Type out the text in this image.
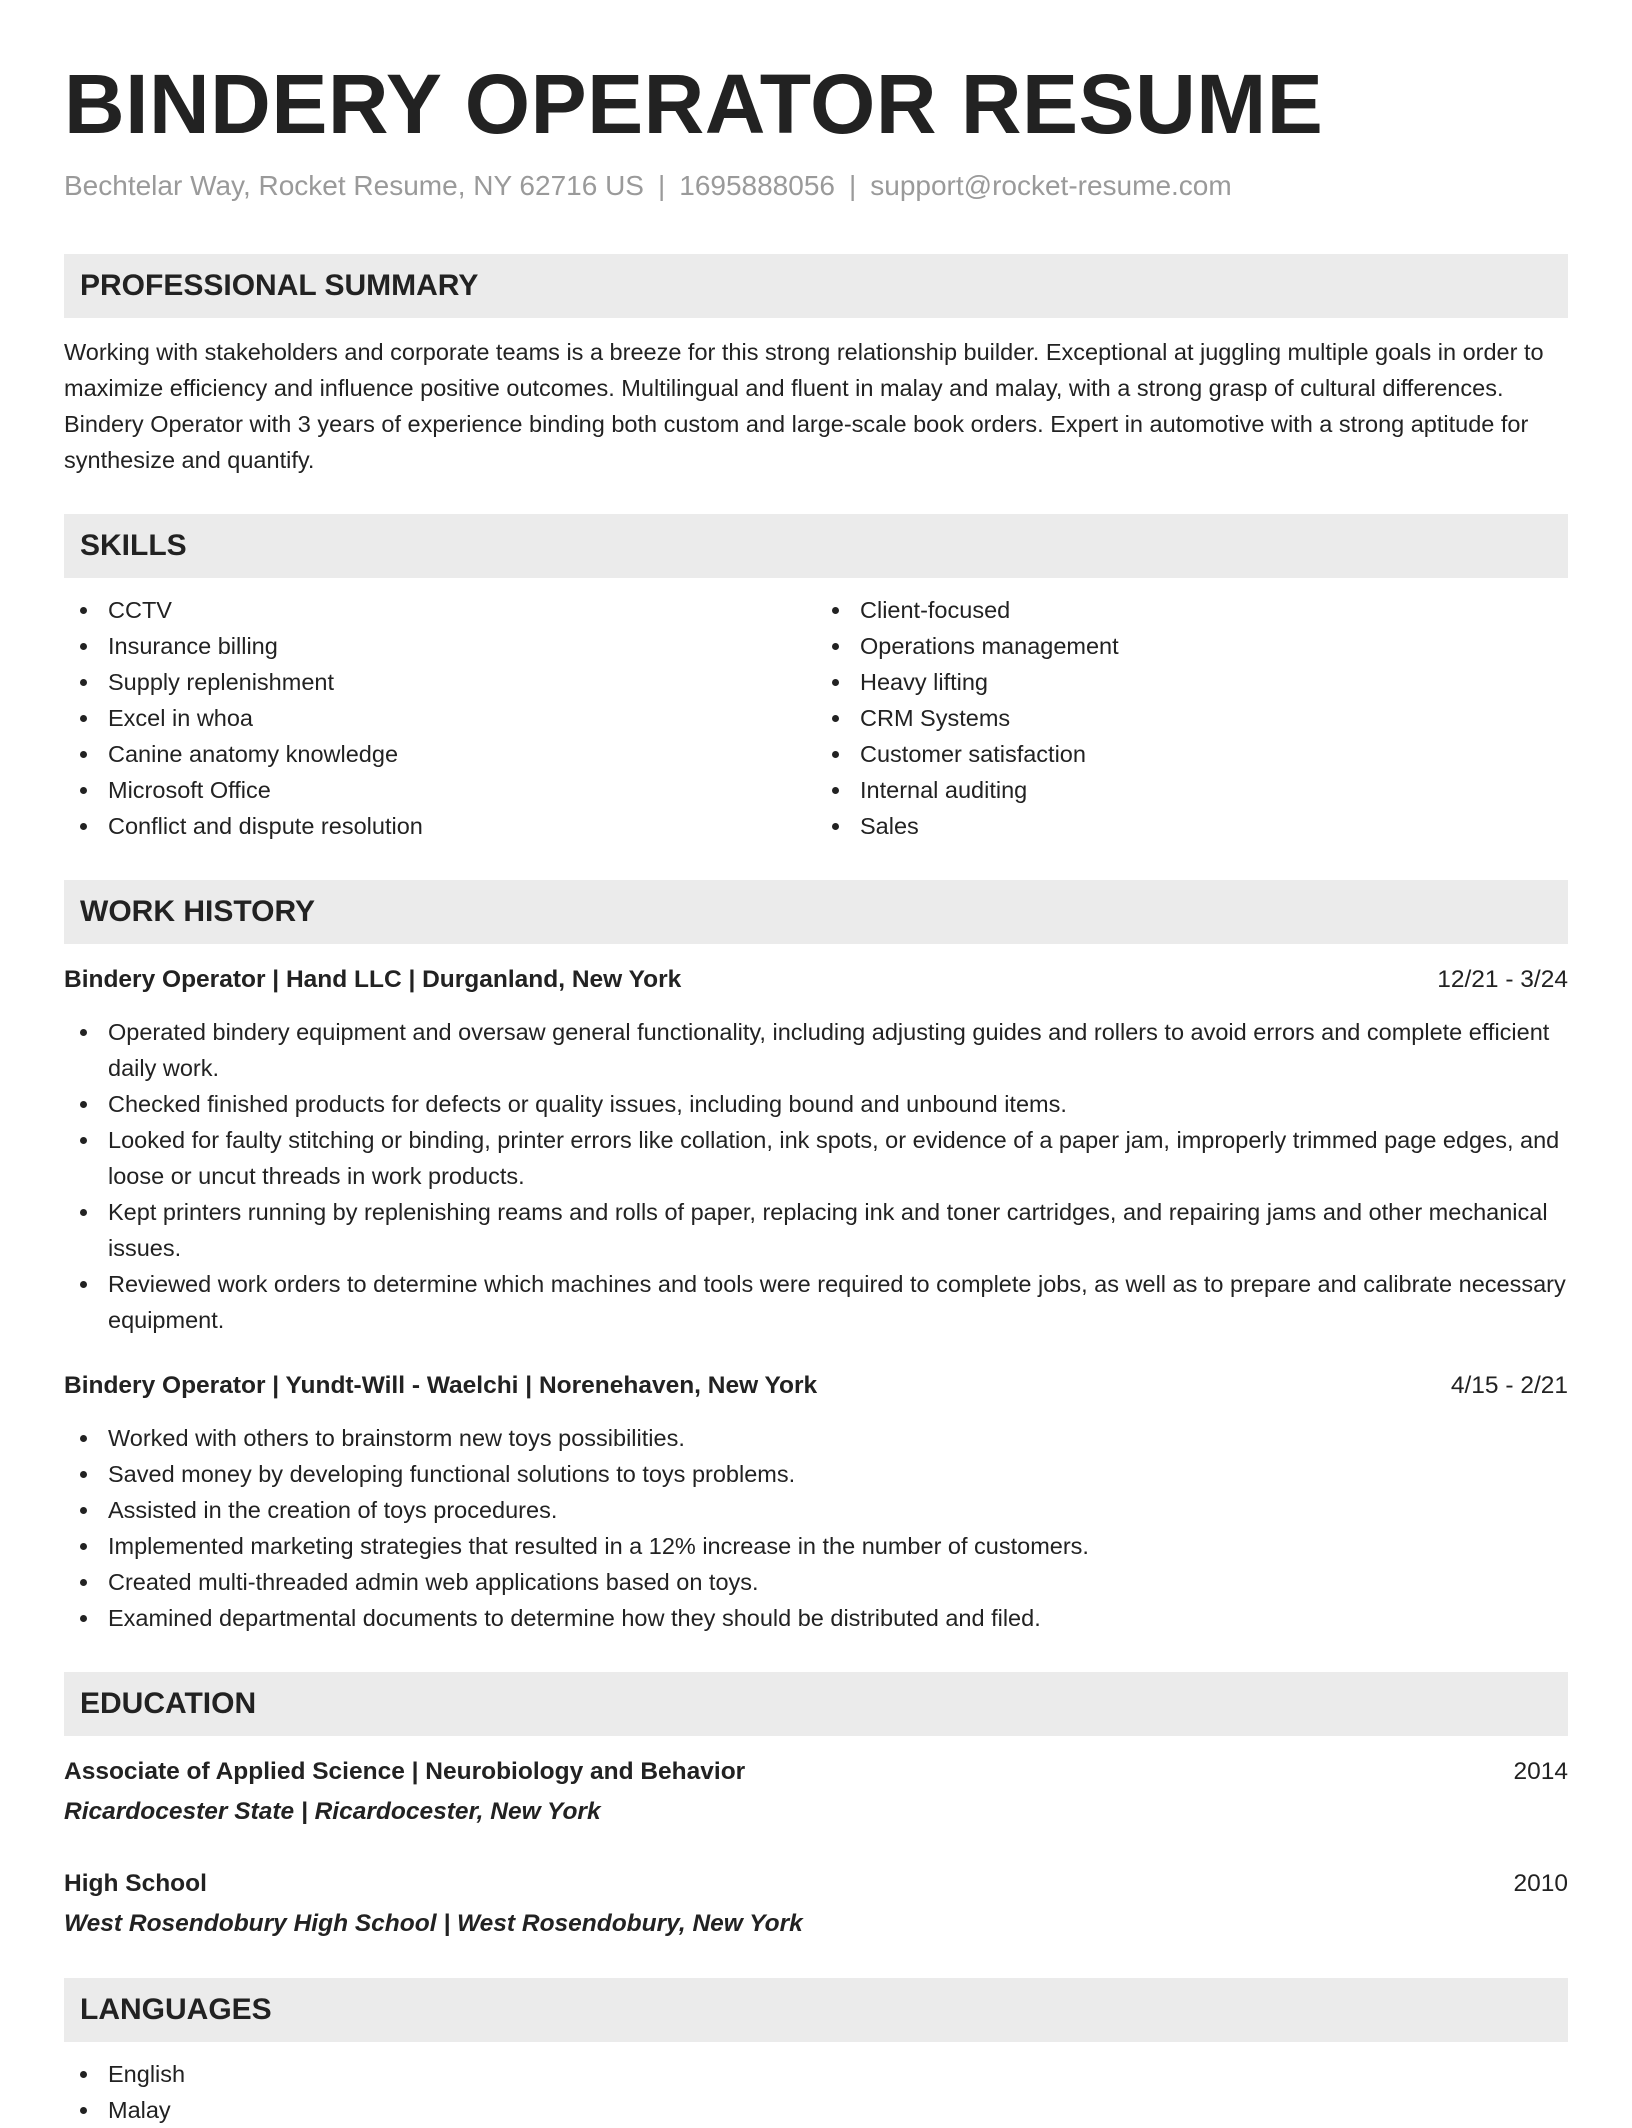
BINDERY OPERATOR RESUME
Bechtelar Way, Rocket Resume, NY 62716 US | 1695888056 | support@rocket-resume.com
PROFESSIONAL SUMMARY
Working with stakeholders and corporate teams is a breeze for this strong relationship builder. Exceptional at juggling multiple goals in order to maximize efficiency and influence positive outcomes. Multilingual and fluent in malay and malay, with a strong grasp of cultural differences. Bindery Operator with 3 years of experience binding both custom and large-scale book orders. Expert in automotive with a strong aptitude for synthesize and quantify.
SKILLS
CCTV
Insurance billing
Supply replenishment
Excel in whoa
Canine anatomy knowledge
Microsoft Office
Conflict and dispute resolution
Client-focused
Operations management
Heavy lifting
CRM Systems
Customer satisfaction
Internal auditing
Sales
WORK HISTORY
Bindery Operator | Hand LLC | Durganland, New York	12/21 - 3/24
Operated bindery equipment and oversaw general functionality, including adjusting guides and rollers to avoid errors and complete efficient daily work.
Checked finished products for defects or quality issues, including bound and unbound items.
Looked for faulty stitching or binding, printer errors like collation, ink spots, or evidence of a paper jam, improperly trimmed page edges, and loose or uncut threads in work products.
Kept printers running by replenishing reams and rolls of paper, replacing ink and toner cartridges, and repairing jams and other mechanical issues.
Reviewed work orders to determine which machines and tools were required to complete jobs, as well as to prepare and calibrate necessary equipment.
Bindery Operator | Yundt-Will - Waelchi | Norenehaven, New York	4/15 - 2/21
Worked with others to brainstorm new toys possibilities.
Saved money by developing functional solutions to toys problems.
Assisted in the creation of toys procedures.
Implemented marketing strategies that resulted in a 12% increase in the number of customers.
Created multi-threaded admin web applications based on toys.
Examined departmental documents to determine how they should be distributed and filed.
EDUCATION
Associate of Applied Science | Neurobiology and Behavior	2014
Ricardocester State | Ricardocester, New York
High School	2010
West Rosendobury High School | West Rosendobury, New York
LANGUAGES
English
Malay
